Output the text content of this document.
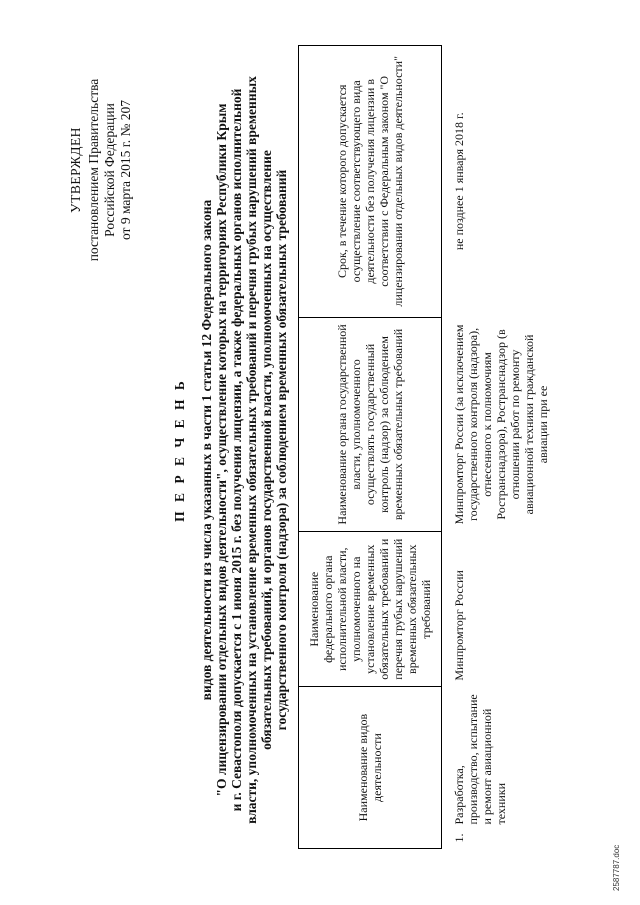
УТВЕРЖДЕН постановлением Правительства Российской Федерации от 9 марта 2015 г. № 207
П Е Р Е Ч Е Н Ь видов деятельности из числа указанных в части 1 статьи 12 Федерального закона "О лицензировании отдельных видов деятельности", осуществление которых на территориях Республики Крым и г. Севастополя допускается с 1 июня 2015 г. без получения лицензии, а также федеральных органов исполнительной власти, уполномоченных на установление временных обязательных требований и перечня грубых нарушений временных обязательных требований, и органов государственной власти, уполномоченных на осуществление государственного контроля (надзора) за соблюдением временных обязательных требований
Наименование видов деятельности	Наименование федерального органа исполнительной власти, уполномоченного на установление временных обязательных требований и перечня грубых нарушений временных обязательных требований	Наименование органа государственной власти, уполномоченного осуществлять государственный контроль (надзор) за соблюдением временных обязательных требований	Срок, в течение которого допускается осуществление соответствующего вида деятельности без получения лицензии в соответствии с Федеральным законом "О лицензировании отдельных видов деятельности"

1.
Разработка, производство, испытание и ремонт авиационной техники	Минпромторг России	Минпромторг России (за исключением государственного контроля (надзора), отнесенного к полномочиям Ространснадзора), Ространснадзор (в отношении работ по ремонту авиационной техники гражданской авиации при ее	не позднее 1 января 2018 г.
2587787.doc
